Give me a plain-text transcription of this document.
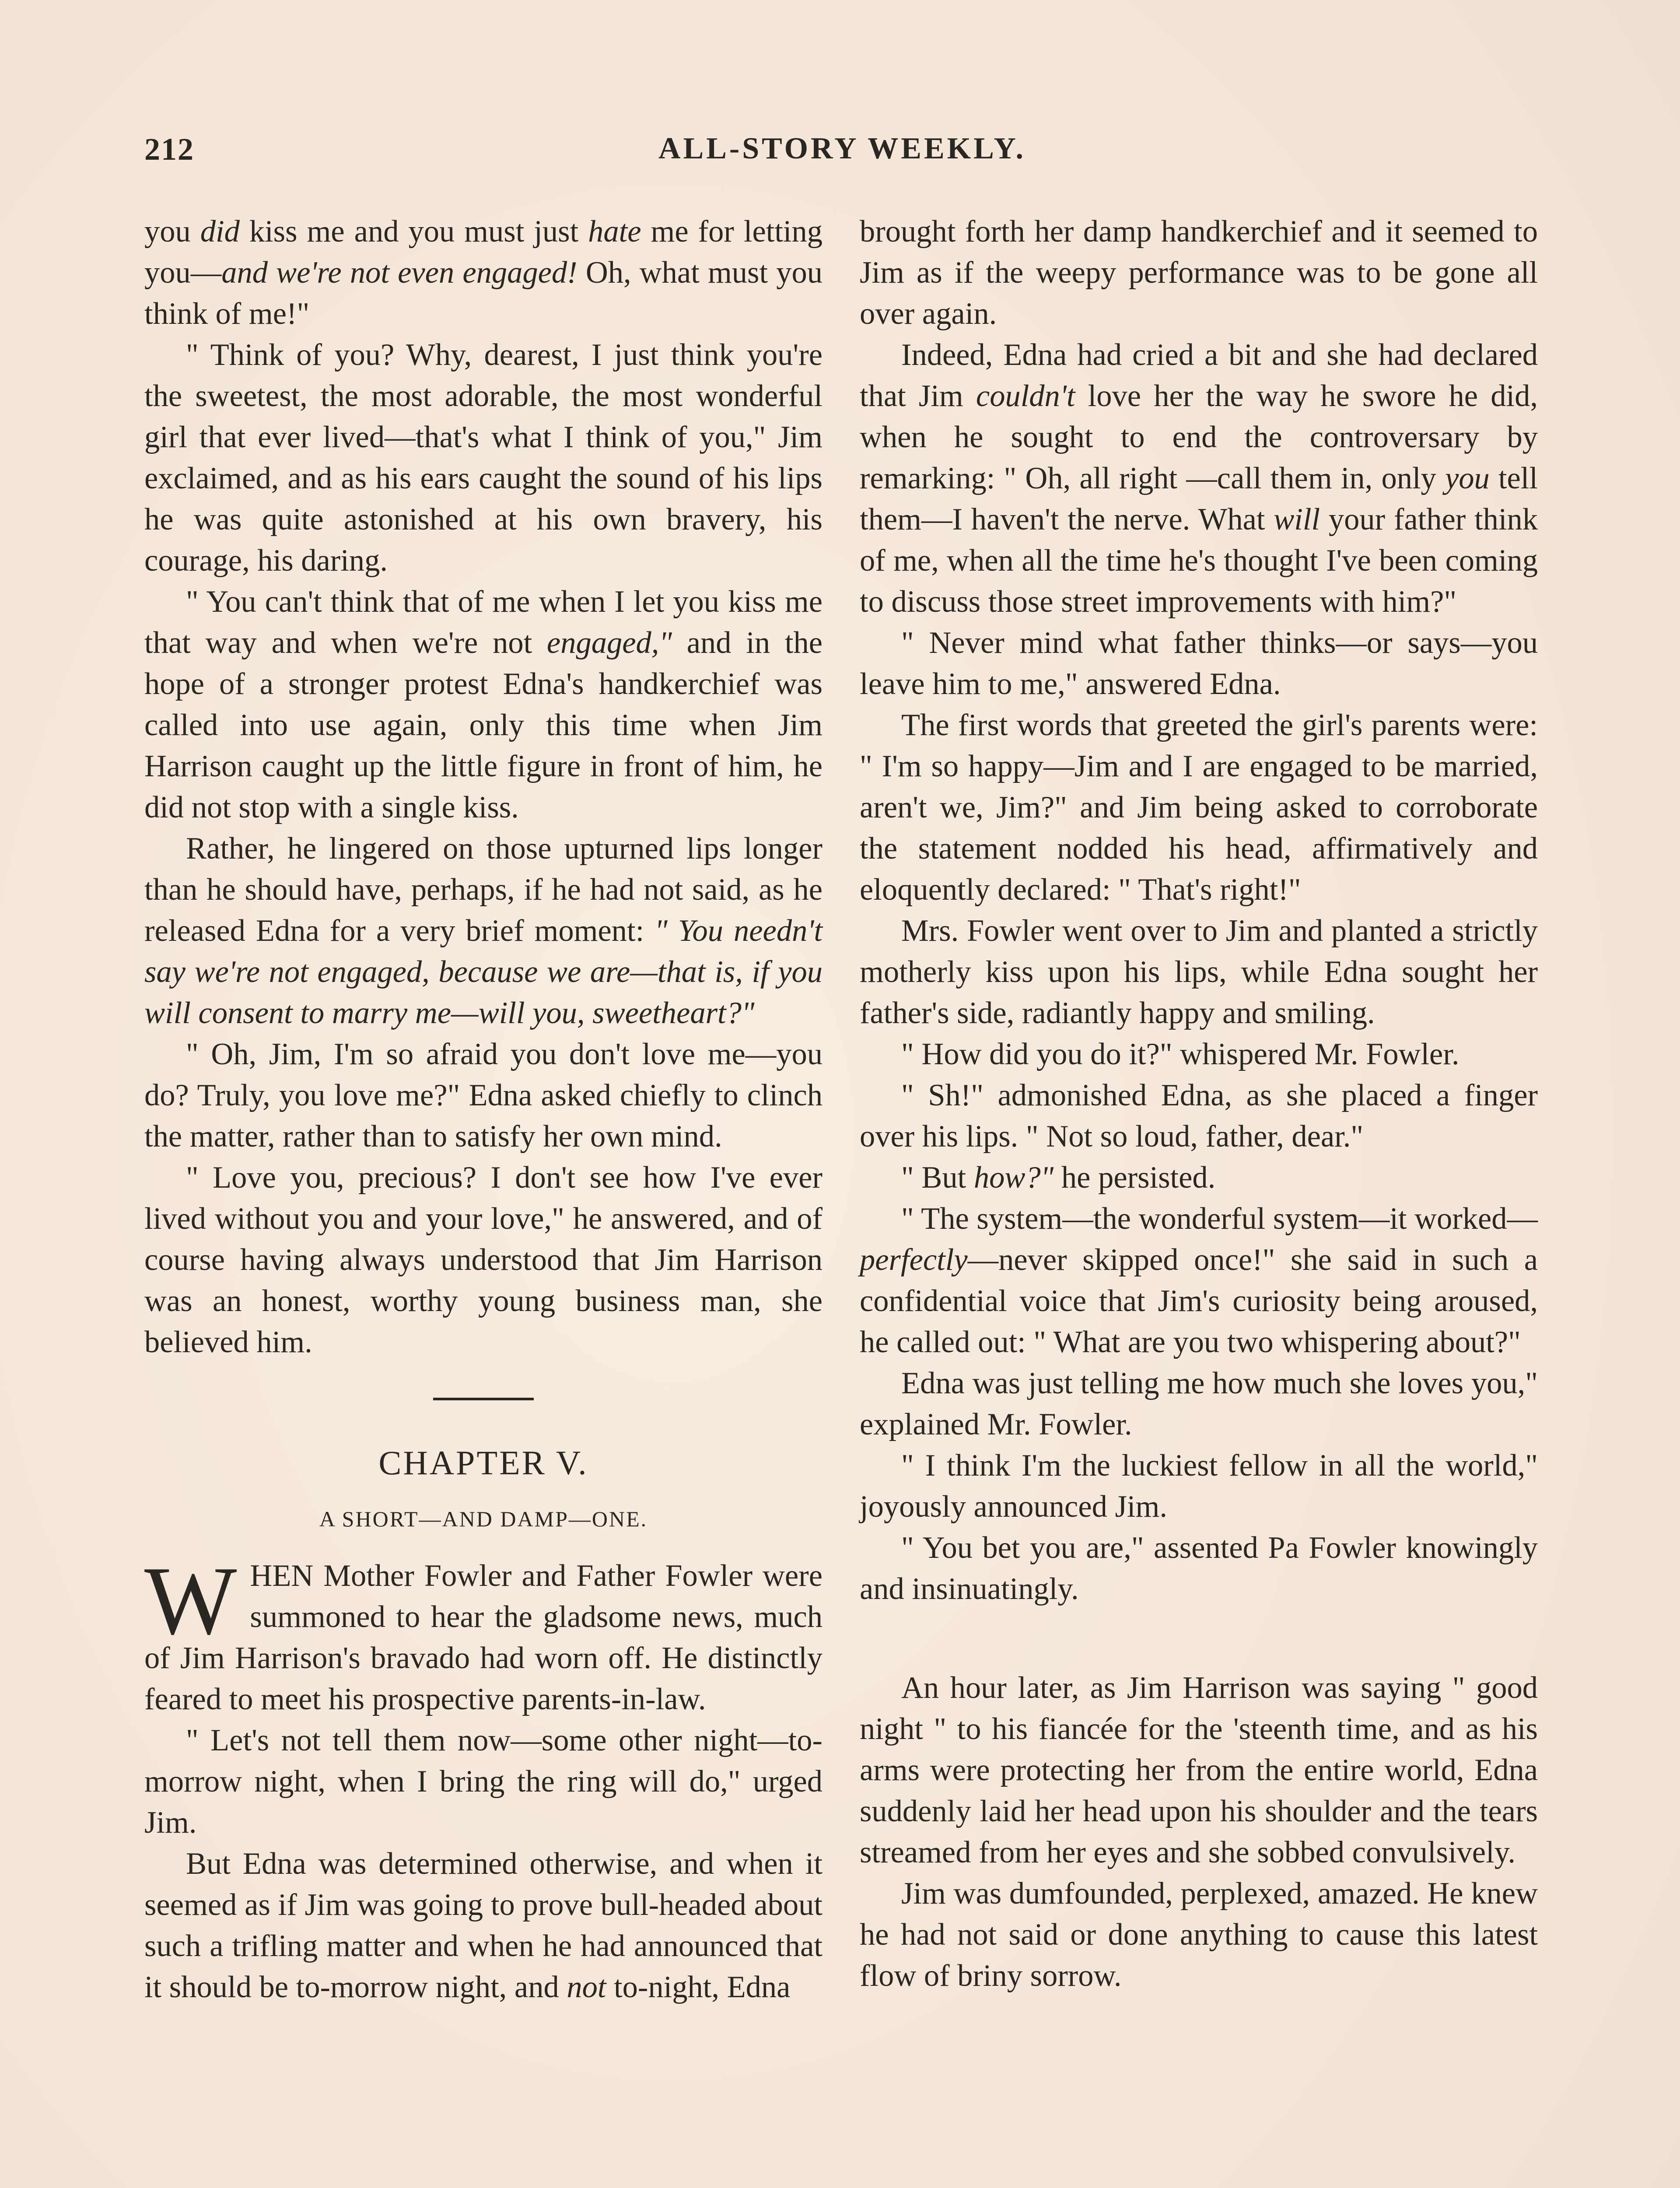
212	ALL-STORY WEEKLY.

you did kiss me and you must just hate me for letting you—and we're not even engaged! Oh, what must you think of me!"

" Think of you? Why, dearest, I just think you're the sweetest, the most adorable, the most wonderful girl that ever lived—that's what I think of you," Jim exclaimed, and as his ears caught the sound of his lips he was quite astonished at his own bravery, his courage, his daring.

" You can't think that of me when I let you kiss me that way and when we're not engaged," and in the hope of a stronger protest Edna's handkerchief was called into use again, only this time when Jim Harrison caught up the little figure in front of him, he did not stop with a single kiss.

Rather, he lingered on those upturned lips longer than he should have, perhaps, if he had not said, as he released Edna for a very brief moment: " You needn't say we're not engaged, because we are—that is, if you will consent to marry me—will you, sweetheart?"

" Oh, Jim, I'm so afraid you don't love me—you do? Truly, you love me?" Edna asked chiefly to clinch the matter, rather than to satisfy her own mind.

" Love you, precious? I don't see how I've ever lived without you and your love," he answered, and of course having always understood that Jim Harrison was an honest, worthy young business man, she believed him.

CHAPTER V.
A SHORT—AND DAMP—ONE.

WHEN Mother Fowler and Father Fowler were summoned to hear the gladsome news, much of Jim Harrison's bravado had worn off. He distinctly feared to meet his prospective parents-in-law.

" Let's not tell them now—some other night—to-morrow night, when I bring the ring will do," urged Jim.

But Edna was determined otherwise, and when it seemed as if Jim was going to prove bull-headed about such a trifling matter and when he had announced that it should be to-morrow night, and not to-night, Edna

brought forth her damp handkerchief and it seemed to Jim as if the weepy performance was to be gone all over again.

Indeed, Edna had cried a bit and she had declared that Jim couldn't love her the way he swore he did, when he sought to end the controversary by remarking: " Oh, all right —call them in, only you tell them—I haven't the nerve. What will your father think of me, when all the time he's thought I've been coming to discuss those street improvements with him?"

" Never mind what father thinks—or says—you leave him to me," answered Edna.

The first words that greeted the girl's parents were: " I'm so happy—Jim and I are engaged to be married, aren't we, Jim?" and Jim being asked to corroborate the statement nodded his head, affirmatively and eloquently declared: " That's right!"

Mrs. Fowler went over to Jim and planted a strictly motherly kiss upon his lips, while Edna sought her father's side, radiantly happy and smiling.

" How did you do it?" whispered Mr. Fowler.

" Sh!" admonished Edna, as she placed a finger over his lips. " Not so loud, father, dear."

" But how?" he persisted.

" The system—the wonderful system—it worked—perfectly—never skipped once!" she said in such a confidential voice that Jim's curiosity being aroused, he called out: " What are you two whispering about?"

Edna was just telling me how much she loves you," explained Mr. Fowler.

" I think I'm the luckiest fellow in all the world," joyously announced Jim.

" You bet you are," assented Pa Fowler knowingly and insinuatingly.

An hour later, as Jim Harrison was saying " good night " to his fiancée for the 'steenth time, and as his arms were protecting her from the entire world, Edna suddenly laid her head upon his shoulder and the tears streamed from her eyes and she sobbed convulsively.

Jim was dumfounded, perplexed, amazed. He knew he had not said or done anything to cause this latest flow of briny sorrow.
